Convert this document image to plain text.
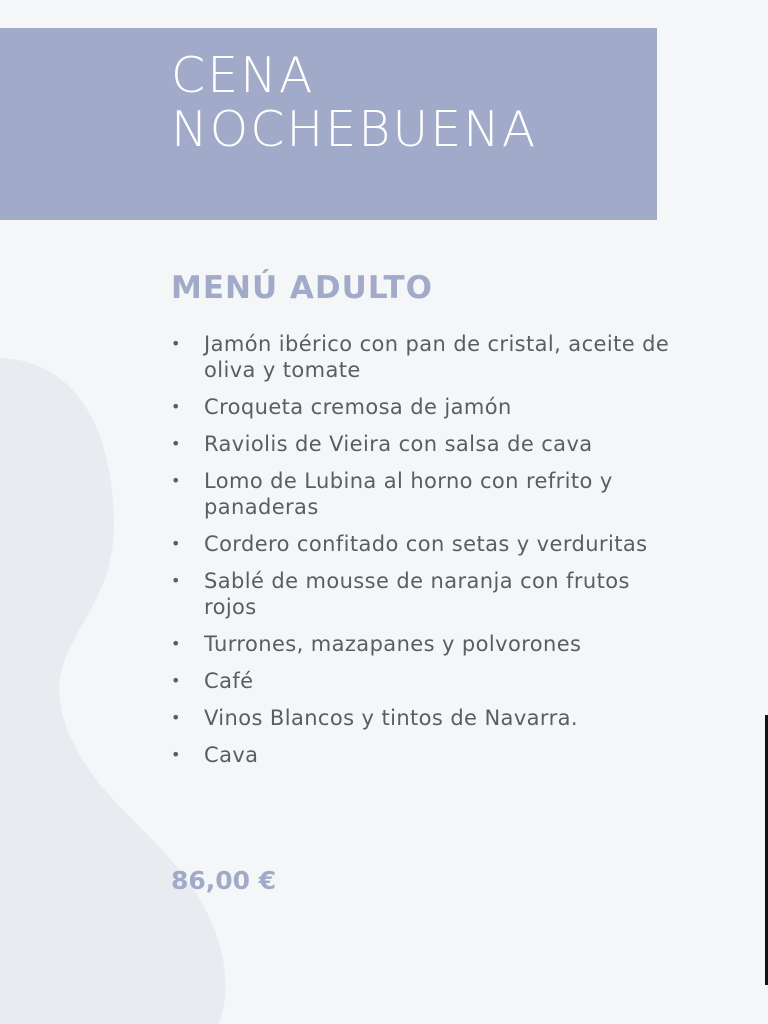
CENA
NOCHEBUENA
MENÚ ADULTO
• Jamón ibérico con pan de cristal, aceite de oliva y tomate
• Croqueta cremosa de jamón
• Raviolis de Vieira con salsa de cava
• Lomo de Lubina al horno con refrito y panaderas
• Cordero confitado con setas y verduritas
• Sablé de mousse de naranja con frutos rojos
• Turrones, mazapanes y polvorones
• Café
• Vinos Blancos y tintos de Navarra.
• Cava
86,00 €
